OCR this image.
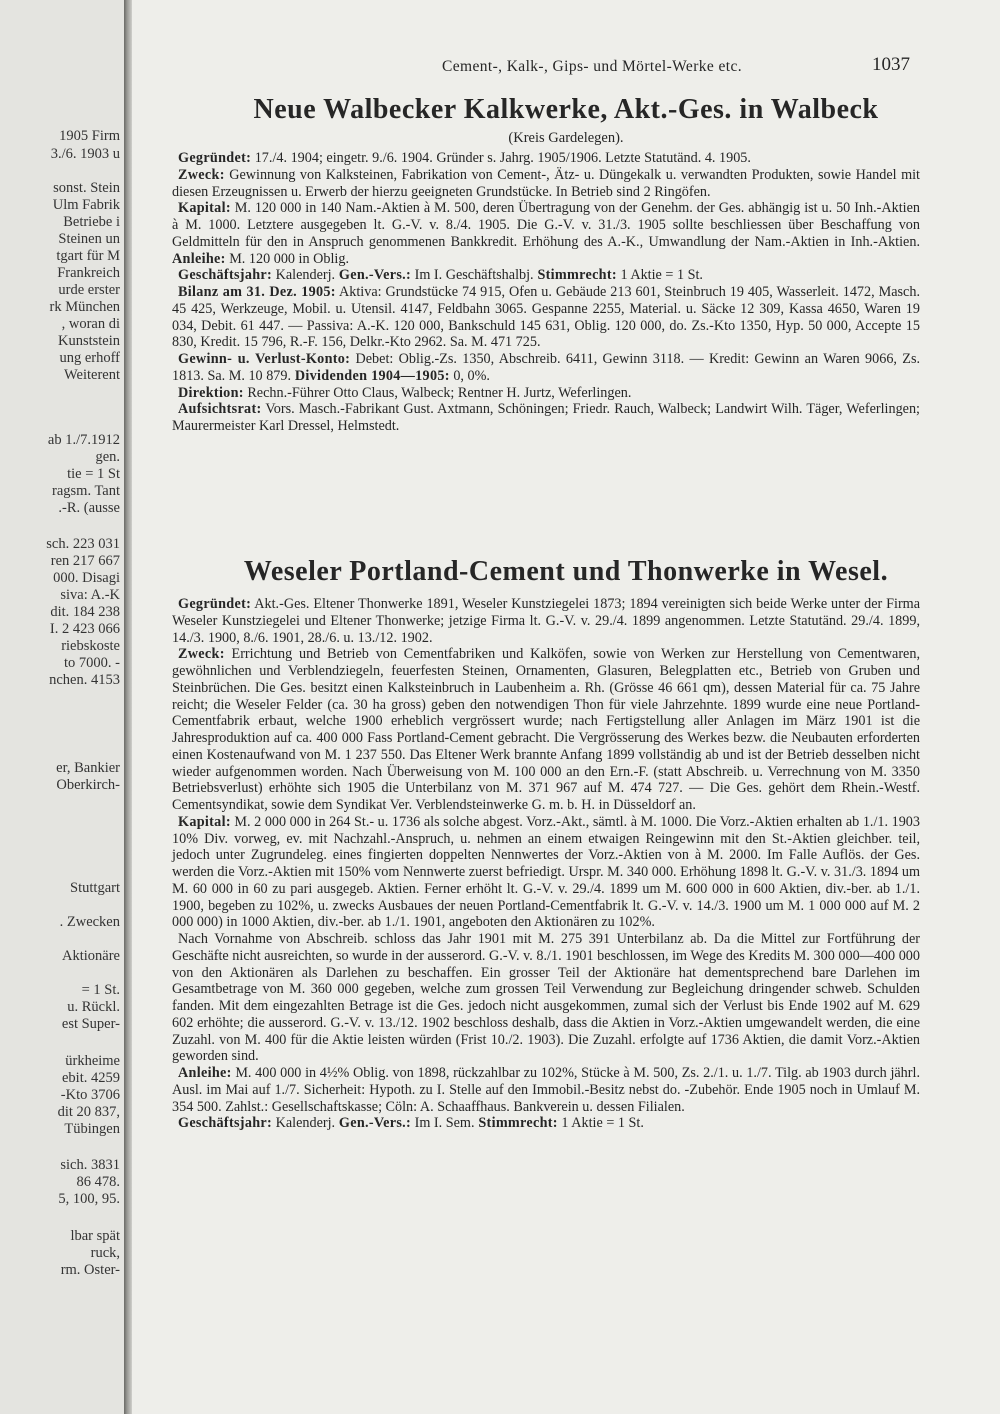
1905 Firm
3./6. 1903 u
sonst. Stein
Ulm Fabrik
Betriebe i
Steinen un
tgart für M
Frankreich
urde erster
rk München
, woran di
Kunststein
ung erhoff
Weiterent
ab 1./7.1912
gen.
tie = 1 St
ragsm. Tant
.-R. (ausse
sch. 223 031
ren 217 667
000. Disagi
siva: A.-K
dit. 184 238
I. 2 423 066
riebskoste
to 7000. -
nchen. 4153
er, Bankier
Oberkirch-
Stuttgart
. Zwecken
Aktionäre
= 1 St.
u. Rückl.
est Super-
ürkheime
ebit. 4259
-Kto 3706
dit 20 837,
Tübingen
sich. 3831
86 478.
5, 100, 95.
lbar spät
ruck,
rm. Oster-
Cement-, Kalk-, Gips- und Mörtel-Werke etc.	1037
Neue Walbecker Kalkwerke, Akt.-Ges. in Walbeck
(Kreis Gardelegen).

Gegründet: 17./4. 1904; eingetr. 9./6. 1904. Gründer s. Jahrg. 1905/1906. Letzte Statutänd. 4. 1905.

Zweck: Gewinnung von Kalksteinen, Fabrikation von Cement-, Ätz- u. Düngekalk u. verwandten Produkten, sowie Handel mit diesen Erzeugnissen u. Erwerb der hierzu geeigneten Grundstücke. In Betrieb sind 2 Ringöfen.

Kapital: M. 120 000 in 140 Nam.-Aktien à M. 500, deren Übertragung von der Genehm. der Ges. abhängig ist u. 50 Inh.-Aktien à M. 1000. Letztere ausgegeben lt. G.-V. v. 8./4. 1905. Die G.-V. v. 31./3. 1905 sollte beschliessen über Beschaffung von Geldmitteln für den in Anspruch genommenen Bankkredit. Erhöhung des A.-K., Umwandlung der Nam.-Aktien in Inh.-Aktien. Anleihe: M. 120 000 in Oblig.

Geschäftsjahr: Kalenderj. Gen.-Vers.: Im I. Geschäftshalbj. Stimmrecht: 1 Aktie = 1 St.

Bilanz am 31. Dez. 1905: Aktiva: Grundstücke 74 915, Ofen u. Gebäude 213 601, Steinbruch 19 405, Wasserleit. 1472, Masch. 45 425, Werkzeuge, Mobil. u. Utensil. 4147, Feldbahn 3065. Gespanne 2255, Material. u. Säcke 12 309, Kassa 4650, Waren 19 034, Debit. 61 447. — Passiva: A.-K. 120 000, Bankschuld 145 631, Oblig. 120 000, do. Zs.-Kto 1350, Hyp. 50 000, Accepte 15 830, Kredit. 15 796, R.-F. 156, Delkr.-Kto 2962. Sa. M. 471 725.

Gewinn- u. Verlust-Konto: Debet: Oblig.-Zs. 1350, Abschreib. 6411, Gewinn 3118. — Kredit: Gewinn an Waren 9066, Zs. 1813. Sa. M. 10 879. Dividenden 1904—1905: 0, 0%.

Direktion: Rechn.-Führer Otto Claus, Walbeck; Rentner H. Jurtz, Weferlingen.

Aufsichtsrat: Vors. Masch.-Fabrikant Gust. Axtmann, Schöningen; Friedr. Rauch, Walbeck; Landwirt Wilh. Täger, Weferlingen; Maurermeister Karl Dressel, Helmstedt.

Weseler Portland-Cement und Thonwerke in Wesel.

Gegründet: Akt.-Ges. Eltener Thonwerke 1891, Weseler Kunstziegelei 1873; 1894 vereinigten sich beide Werke unter der Firma Weseler Kunstziegelei und Eltener Thonwerke; jetzige Firma lt. G.-V. v. 29./4. 1899 angenommen. Letzte Statutänd. 29./4. 1899, 14./3. 1900, 8./6. 1901, 28./6. u. 13./12. 1902.

Zweck: Errichtung und Betrieb von Cementfabriken und Kalköfen, sowie von Werken zur Herstellung von Cementwaren, gewöhnlichen und Verblendziegeln, feuerfesten Steinen, Ornamenten, Glasuren, Belegplatten etc., Betrieb von Gruben und Steinbrüchen. Die Ges. besitzt einen Kalksteinbruch in Laubenheim a. Rh. (Grösse 46 661 qm), dessen Material für ca. 75 Jahre reicht; die Weseler Felder (ca. 30 ha gross) geben den notwendigen Thon für viele Jahrzehnte. 1899 wurde eine neue Portland-Cementfabrik erbaut, welche 1900 erheblich vergrössert wurde; nach Fertigstellung aller Anlagen im März 1901 ist die Jahresproduktion auf ca. 400 000 Fass Portland-Cement gebracht. Die Vergrösserung des Werkes bezw. die Neubauten erforderten einen Kostenaufwand von M. 1 237 550. Das Eltener Werk brannte Anfang 1899 vollständig ab und ist der Betrieb desselben nicht wieder aufgenommen worden. Nach Überweisung von M. 100 000 an den Ern.-F. (statt Abschreib. u. Verrechnung von M. 3350 Betriebsverlust) erhöhte sich 1905 die Unterbilanz von M. 371 967 auf M. 474 727. — Die Ges. gehört dem Rhein.-Westf. Cementsyndikat, sowie dem Syndikat Ver. Verblendsteinwerke G. m. b. H. in Düsseldorf an.

Kapital: M. 2 000 000 in 264 St.- u. 1736 als solche abgest. Vorz.-Akt., sämtl. à M. 1000. Die Vorz.-Aktien erhalten ab 1./1. 1903 10% Div. vorweg, ev. mit Nachzahl.-Anspruch, u. nehmen an einem etwaigen Reingewinn mit den St.-Aktien gleichber. teil, jedoch unter Zugrundeleg. eines fingierten doppelten Nennwertes der Vorz.-Aktien von à M. 2000. Im Falle Auflös. der Ges. werden die Vorz.-Aktien mit 150% vom Nennwerte zuerst befriedigt. Urspr. M. 340 000. Erhöhung 1898 lt. G.-V. v. 31./3. 1894 um M. 60 000 in 60 zu pari ausgegeb. Aktien. Ferner erhöht lt. G.-V. v. 29./4. 1899 um M. 600 000 in 600 Aktien, div.-ber. ab 1./1. 1900, begeben zu 102%, u. zwecks Ausbaues der neuen Portland-Cementfabrik lt. G.-V. v. 14./3. 1900 um M. 1 000 000 auf M. 2 000 000) in 1000 Aktien, div.-ber. ab 1./1. 1901, angeboten den Aktionären zu 102%.

Nach Vornahme von Abschreib. schloss das Jahr 1901 mit M. 275 391 Unterbilanz ab. Da die Mittel zur Fortführung der Geschäfte nicht ausreichten, so wurde in der ausserord. G.-V. v. 8./1. 1901 beschlossen, im Wege des Kredits M. 300 000—400 000 von den Aktionären als Darlehen zu beschaffen. Ein grosser Teil der Aktionäre hat dementsprechend bare Darlehen im Gesamtbetrage von M. 360 000 gegeben, welche zum grossen Teil Verwendung zur Begleichung dringender schweb. Schulden fanden. Mit dem eingezahlten Betrage ist die Ges. jedoch nicht ausgekommen, zumal sich der Verlust bis Ende 1902 auf M. 629 602 erhöhte; die ausserord. G.-V. v. 13./12. 1902 beschloss deshalb, dass die Aktien in Vorz.-Aktien umgewandelt werden, die eine Zuzahl. von M. 400 für die Aktie leisten würden (Frist 10./2. 1903). Die Zuzahl. erfolgte auf 1736 Aktien, die damit Vorz.-Aktien geworden sind.

Anleihe: M. 400 000 in 4½% Oblig. von 1898, rückzahlbar zu 102%, Stücke à M. 500, Zs. 2./1. u. 1./7. Tilg. ab 1903 durch jährl. Ausl. im Mai auf 1./7. Sicherheit: Hypoth. zu I. Stelle auf den Immobil.-Besitz nebst do. -Zubehör. Ende 1905 noch in Umlauf M. 354 500. Zahlst.: Gesellschaftskasse; Cöln: A. Schaaffhaus. Bankverein u. dessen Filialen.

Geschäftsjahr: Kalenderj. Gen.-Vers.: Im I. Sem. Stimmrecht: 1 Aktie = 1 St.
